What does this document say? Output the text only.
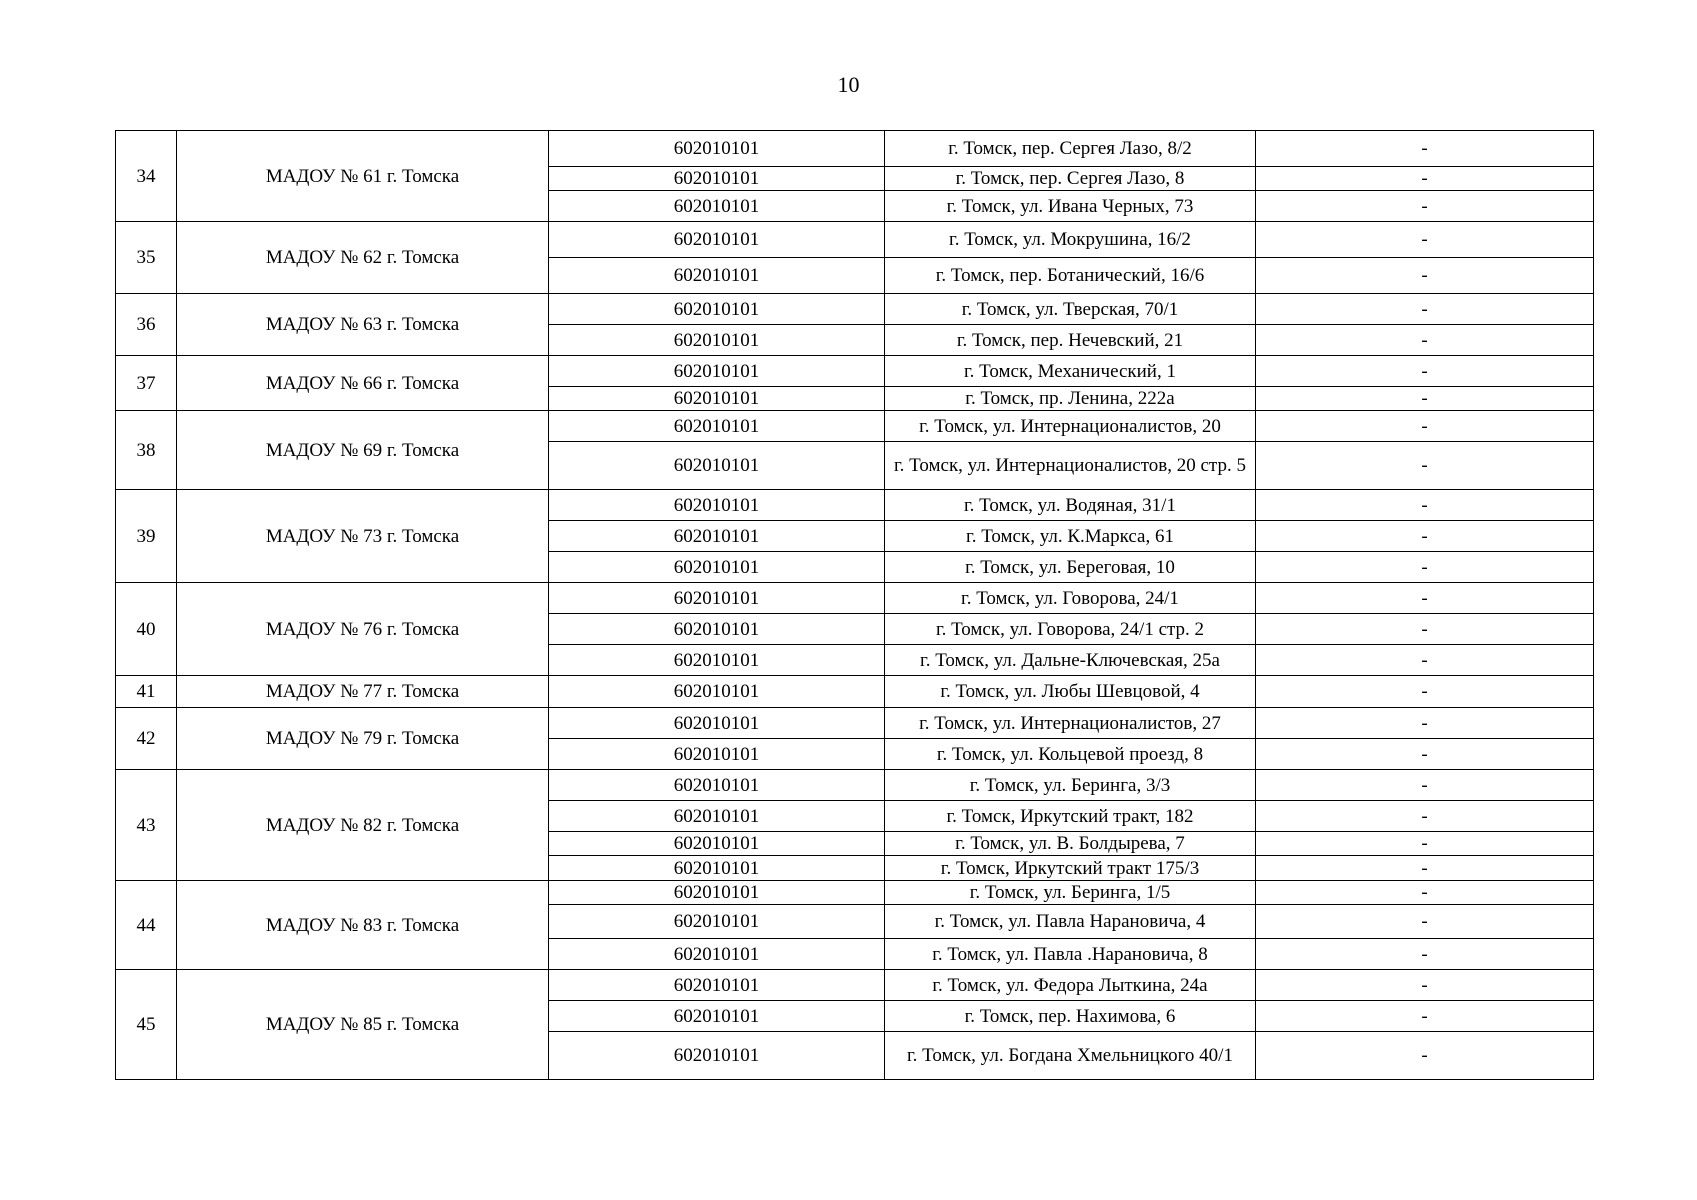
10
34	МАДОУ № 61 г. Томска	602010101	г. Томск, пер. Сергея Лазо, 8/2	-
		602010101	г. Томск, пер. Сергея Лазо, 8	-
		602010101	г. Томск, ул. Ивана Черных, 73	-
35	МАДОУ № 62 г. Томска	602010101	г. Томск, ул. Мокрушина, 16/2	-
		602010101	г. Томск, пер. Ботанический, 16/6	-
36	МАДОУ № 63 г. Томска	602010101	г. Томск, ул. Тверская, 70/1	-
		602010101	г. Томск, пер. Нечевский, 21	-
37	МАДОУ № 66 г. Томска	602010101	г. Томск, Механический, 1	-
		602010101	г. Томск, пр. Ленина, 222а	-
38	МАДОУ № 69 г. Томска	602010101	г. Томск, ул. Интернационалистов, 20	-
		602010101	г. Томск, ул. Интернационалистов, 20 стр. 5	-
39	МАДОУ № 73 г. Томска	602010101	г. Томск, ул. Водяная, 31/1	-
		602010101	г. Томск, ул. К.Маркса, 61	-
		602010101	г. Томск, ул. Береговая, 10	-
40	МАДОУ № 76 г. Томска	602010101	г. Томск, ул. Говорова, 24/1	-
		602010101	г. Томск, ул. Говорова, 24/1 стр. 2	-
		602010101	г. Томск, ул. Дальне-Ключевская, 25а	-
41	МАДОУ № 77 г. Томска	602010101	г. Томск, ул. Любы Шевцовой, 4	-
42	МАДОУ № 79 г. Томска	602010101	г. Томск, ул. Интернационалистов, 27	-
		602010101	г. Томск, ул. Кольцевой проезд, 8	-
43	МАДОУ № 82 г. Томска	602010101	г. Томск, ул. Беринга, 3/3	-
		602010101	г. Томск, Иркутский тракт, 182	-
		602010101	г. Томск, ул. В. Болдырева, 7	-
		602010101	г. Томск, Иркутский тракт 175/3	-
44	МАДОУ № 83 г. Томска	602010101	г. Томск, ул. Беринга, 1/5	-
		602010101	г. Томск, ул. Павла Нарановича, 4	-
		602010101	г. Томск, ул. Павла .Нарановича, 8	-
45	МАДОУ № 85 г. Томска	602010101	г. Томск, ул. Федора Лыткина, 24а	-
		602010101	г. Томск, пер. Нахимова, 6	-
		602010101	г. Томск, ул. Богдана Хмельницкого 40/1	-
